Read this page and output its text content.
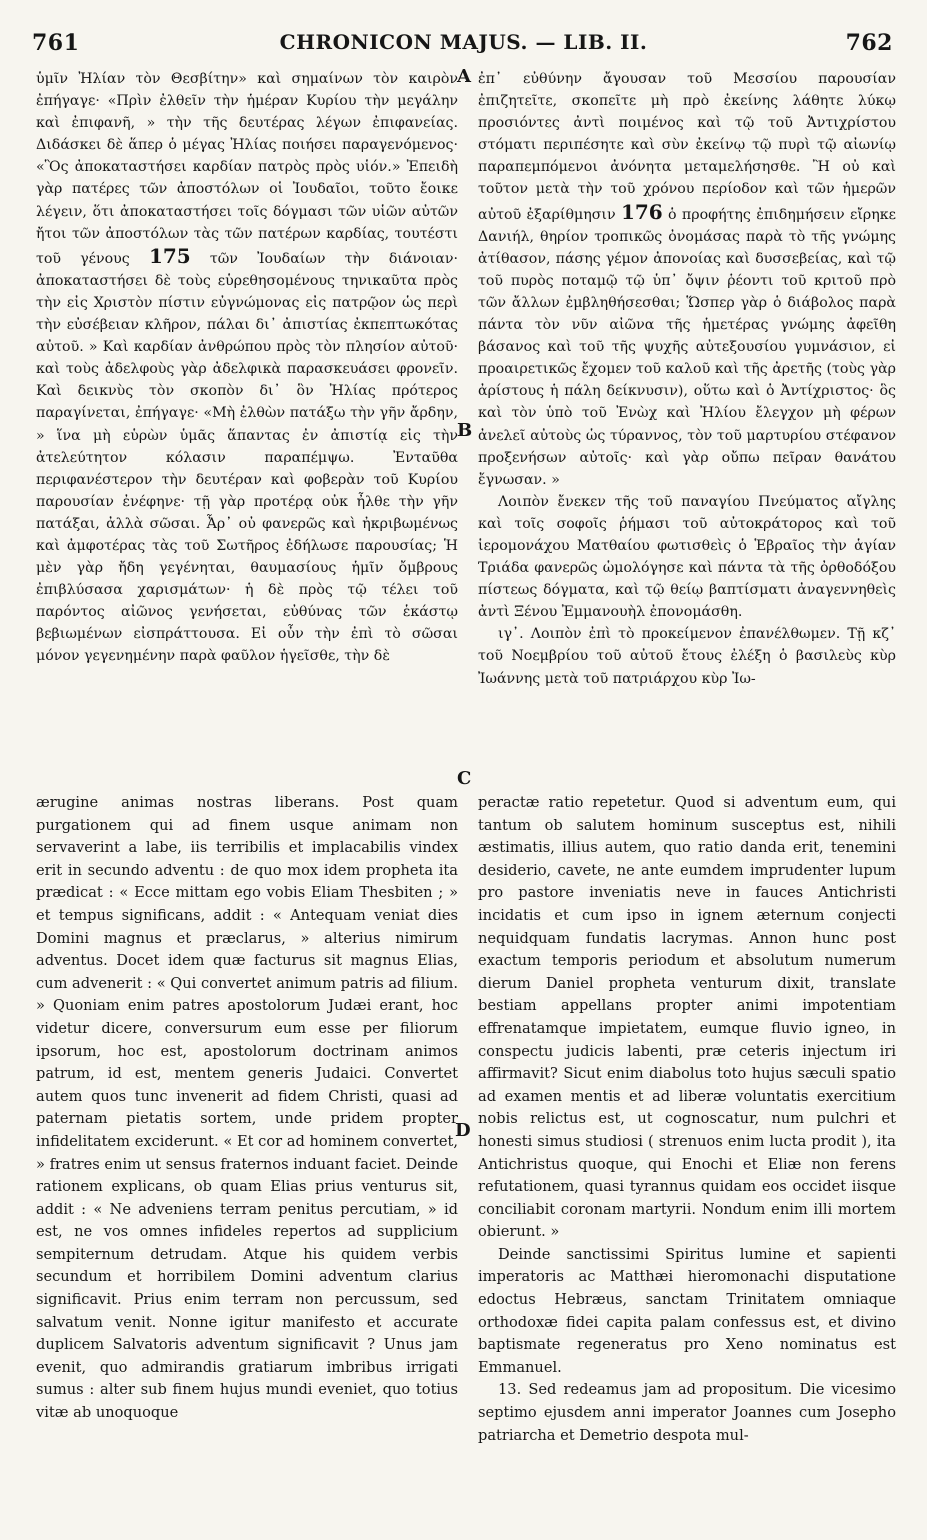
761	CHRONICON MAJUS. — LIB. II.	762

ὑμῖν Ἠλίαν τὸν Θεσβίτην» καὶ σημαίνων τὸν καιρὸν ἐπήγαγε· «Πρὶν ἐλθεῖν τὴν ἡμέραν Κυρίου τὴν μεγάλην καὶ ἐπιφανῆ, » τὴν τῆς δευτέρας λέγων ἐπιφανείας. Διδάσκει δὲ ἅπερ ὁ μέγας Ἠλίας ποιήσει παραγενόμενος· «Ὃς ἀποκαταστήσει καρδίαν πατρὸς πρὸς υἱόν.» Ἐπειδὴ γὰρ πατέρες τῶν ἀποστόλων οἱ Ἰουδαῖοι, τοῦτο ἔοικε λέγειν, ὅτι ἀποκαταστήσει τοῖς δόγμασι τῶν υἱῶν αὐτῶν ἤτοι τῶν ἀποστόλων τὰς τῶν πατέρων καρδίας, τουτέστι τοῦ γένους 175 τῶν Ἰουδαίων τὴν διάνοιαν· ἀποκαταστήσει δὲ τοὺς εὑρεθησομένους τηνικαῦτα πρὸς τὴν εἰς Χριστὸν πίστιν εὐγνώμονας εἰς πατρῷον ὡς περὶ τὴν εὐσέβειαν κλῆρον, πάλαι δι᾽ ἀπιστίας ἐκπεπτωκότας αὐτοῦ. » Καὶ καρδίαν ἀνθρώπου πρὸς τὸν πλησίον αὐτοῦ· καὶ τοὺς ἀδελφοὺς γὰρ ἀδελφικὰ παρασκευάσει φρονεῖν. Καὶ δεικνὺς τὸν σκοπὸν δι᾽ ὃν Ἠλίας πρότερος παραγίνεται, ἐπήγαγε· «Μὴ ἐλθὼν πατάξω τὴν γῆν ἄρδην, » ἵνα μὴ εὑρὼν ὑμᾶς ἅπαντας ἐν ἀπιστίᾳ εἰς τὴν ἀτελεύτητον κόλασιν παραπέμψω. Ἐνταῦθα περιφανέστερον τὴν δευτέραν καὶ φοβερὰν τοῦ Κυρίου παρουσίαν ἐνέφηνε· τῇ γὰρ προτέρᾳ οὐκ ἦλθε τὴν γῆν πατάξαι, ἀλλὰ σῶσαι. Ἆρ᾽ οὐ φανερῶς καὶ ἠκριβωμένως καὶ ἀμφοτέρας τὰς τοῦ Σωτῆρος ἐδήλωσε παρουσίας; Ἡ μὲν γὰρ ἤδη γεγένηται, θαυμασίους ἡμῖν ὄμβρους ἐπιβλύσασα χαρισμάτων· ἡ δὲ πρὸς τῷ τέλει τοῦ παρόντος αἰῶνος γενήσεται, εὐθύνας τῶν ἑκάστῳ βεβιωμένων εἰσπράττουσα. Εἰ οὖν τὴν ἐπὶ τὸ σῶσαι μόνον γεγενημένην παρὰ φαῦλον ἡγεῖσθε, τὴν δὲ

ἐπ᾽ εὐθύνην ἄγουσαν τοῦ Μεσσίου παρουσίαν ἐπιζητεῖτε, σκοπεῖτε μὴ πρὸ ἐκείνης λάθητε λύκῳ προσιόντες ἀντὶ ποιμένος καὶ τῷ τοῦ Ἀντιχρίστου στόματι περιπέσητε καὶ σὺν ἐκείνῳ τῷ πυρὶ τῷ αἰωνίῳ παραπεμπόμενοι ἀνόνητα μεταμελήσησθε. Ἢ οὐ καὶ τοῦτον μετὰ τὴν τοῦ χρόνου περίοδον καὶ τῶν ἡμερῶν αὐτοῦ ἐξαρίθμησιν 176 ὁ προφήτης ἐπιδημήσειν εἴρηκε Δανιήλ, θηρίον τροπικῶς ὀνομάσας παρὰ τὸ τῆς γνώμης ἀτίθασον, πάσης γέμον ἀπονοίας καὶ δυσσεβείας, καὶ τῷ τοῦ πυρὸς ποταμῷ τῷ ὑπ᾽ ὄψιν ῥέοντι τοῦ κριτοῦ πρὸ τῶν ἄλλων ἐμβληθήσεσθαι; Ὥσπερ γὰρ ὁ διάβολος παρὰ πάντα τὸν νῦν αἰῶνα τῆς ἡμετέρας γνώμης ἀφεῖθη βάσανος καὶ τοῦ τῆς ψυχῆς αὐτεξουσίου γυμνάσιον, εἰ προαιρετικῶς ἔχομεν τοῦ καλοῦ καὶ τῆς ἀρετῆς (τοὺς γὰρ ἀρίστους ἡ πάλη δείκνυσιν), οὕτω καὶ ὁ Ἀντίχριστος· ὃς καὶ τὸν ὑπὸ τοῦ Ἐνὼχ καὶ Ἠλίου ἔλεγχον μὴ φέρων ἀνελεῖ αὐτοὺς ὡς τύραννος, τὸν τοῦ μαρτυρίου στέφανον προξενήσων αὐτοῖς· καὶ γὰρ οὔπω πεῖραν θανάτου ἔγνωσαν. »

Λοιπὸν ἔνεκεν τῆς τοῦ παναγίου Πνεύματος αἴγλης καὶ τοῖς σοφοῖς ῥήμασι τοῦ αὐτοκράτορος καὶ τοῦ ἱερομονάχου Ματθαίου φωτισθεὶς ὁ Ἑβραῖος τὴν ἁγίαν Τριάδα φανερῶς ὡμολόγησε καὶ πάντα τὰ τῆς ὀρθοδόξου πίστεως δόγματα, καὶ τῷ θείῳ βαπτίσματι ἀναγεννηθεὶς ἀντὶ Ξένου Ἐμμανουὴλ ἐπονομάσθη.

ιγ᾽. Λοιπὸν ἐπὶ τὸ προκείμενον ἐπανέλθωμεν. Τῇ κζ᾽ τοῦ Νοεμβρίου τοῦ αὐτοῦ ἔτους ἐλέξη ὁ βασιλεὺς κὺρ Ἰωάννης μετὰ τοῦ πατριάρχου κὺρ Ἰω-

ærugine animas nostras liberans. Post quam purgationem qui ad finem usque animam non servaverint a labe, iis terribilis et implacabilis vindex erit in secundo adventu : de quo mox idem propheta ita prædicat : « Ecce mittam ego vobis Eliam Thesbiten ; » et tempus significans, addit : « Antequam veniat dies Domini magnus et præclarus, » alterius nimirum adventus. Docet idem quæ facturus sit magnus Elias, cum advenerit : « Qui convertet animum patris ad filium. » Quoniam enim patres apostolorum Judæi erant, hoc videtur dicere, conversurum eum esse per filiorum ipsorum, hoc est, apostolorum doctrinam animos patrum, id est, mentem generis Judaici. Convertet autem quos tunc invenerit ad fidem Christi, quasi ad paternam pietatis sortem, unde pridem propter infidelitatem exciderunt. « Et cor ad hominem convertet, » fratres enim ut sensus fraternos induant faciet. Deinde rationem explicans, ob quam Elias prius venturus sit, addit : « Ne adveniens terram penitus percutiam, » id est, ne vos omnes infideles repertos ad supplicium sempiternum detrudam. Atque his quidem verbis secundum et horribilem Domini adventum clarius significavit. Prius enim terram non percussum, sed salvatum venit. Nonne igitur manifesto et accurate duplicem Salvatoris adventum significavit ? Unus jam evenit, quo admirandis gratiarum imbribus irrigati sumus : alter sub finem hujus mundi eveniet, quo totius vitæ ab unoquoque

peractæ ratio repetetur. Quod si adventum eum, qui tantum ob salutem hominum susceptus est, nihili æstimatis, illius autem, quo ratio danda erit, tenemini desiderio, cavete, ne ante eumdem imprudenter lupum pro pastore inveniatis neve in fauces Antichristi incidatis et cum ipso in ignem æternum conjecti nequidquam fundatis lacrymas. Annon hunc post exactum temporis periodum et absolutum numerum dierum Daniel propheta venturum dixit, translate bestiam appellans propter animi impotentiam effrenatamque impietatem, eumque fluvio igneo, in conspectu judicis labenti, præ ceteris injectum iri affirmavit? Sicut enim diabolus toto hujus sæculi spatio ad examen mentis et ad liberæ voluntatis exercitium nobis relictus est, ut cognoscatur, num pulchri et honesti simus studiosi ( strenuos enim lucta prodit ), ita Antichristus quoque, qui Enochi et Eliæ non ferens refutationem, quasi tyrannus quidam eos occidet iisque conciliabit coronam martyrii. Nondum enim illi mortem obierunt. »

Deinde sanctissimi Spiritus lumine et sapienti imperatoris ac Matthæi hieromonachi disputatione edoctus Hebræus, sanctam Trinitatem omniaque orthodoxæ fidei capita palam confessus est, et divino baptismate regeneratus pro Xeno nominatus est Emmanuel.

13. Sed redeamus jam ad propositum. Die vicesimo septimo ejusdem anni imperator Joannes cum Josepho patriarcha et Demetrio despota mul-

A
B
C
D
